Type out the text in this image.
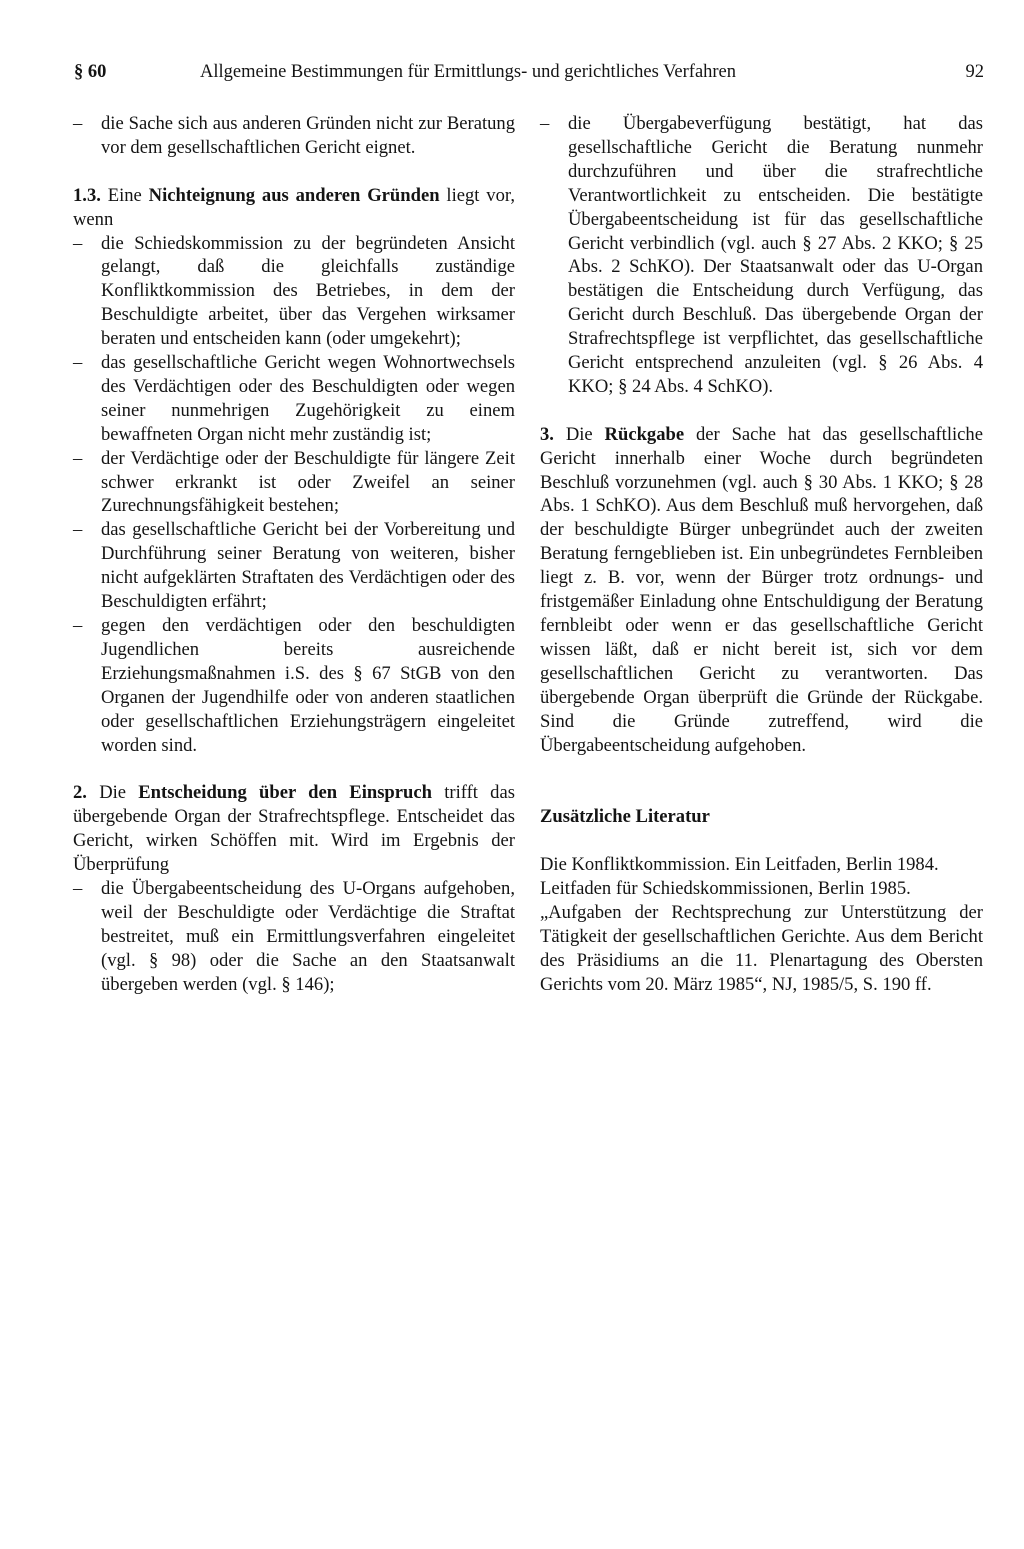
§ 60	Allgemeine Bestimmungen für Ermittlungs- und gerichtliches Verfahren	92
– die Sache sich aus anderen Gründen nicht zur Beratung vor dem gesellschaftlichen Gericht eignet.

1.3. Eine Nichteignung aus anderen Gründen liegt vor, wenn

– die Schiedskommission zu der begründeten Ansicht gelangt, daß die gleichfalls zuständige Konfliktkommission des Betriebes, in dem der Beschuldigte arbeitet, über das Vergehen wirksamer beraten und entscheiden kann (oder umgekehrt);
– das gesellschaftliche Gericht wegen Wohnortwechsels des Verdächtigen oder des Beschuldigten oder wegen seiner nunmehrigen Zugehörigkeit zu einem bewaffneten Organ nicht mehr zuständig ist;
– der Verdächtige oder der Beschuldigte für längere Zeit schwer erkrankt ist oder Zweifel an seiner Zurechnungsfähigkeit bestehen;
– das gesellschaftliche Gericht bei der Vorbereitung und Durchführung seiner Beratung von weiteren, bisher nicht aufgeklärten Straftaten des Verdächtigen oder des Beschuldigten erfährt;
– gegen den verdächtigen oder den beschuldigten Jugendlichen bereits ausreichende Erziehungsmaßnahmen i.S. des § 67 StGB von den Organen der Jugendhilfe oder von anderen staatlichen oder gesellschaftlichen Erziehungsträgern eingeleitet worden sind.

2. Die Entscheidung über den Einspruch trifft das übergebende Organ der Strafrechtspflege. Entscheidet das Gericht, wirken Schöffen mit. Wird im Ergebnis der Überprüfung

– die Übergabeentscheidung des U-Organs aufgehoben, weil der Beschuldigte oder Verdächtige die Straftat bestreitet, muß ein Ermittlungsverfahren eingeleitet (vgl. § 98) oder die Sache an den Staatsanwalt übergeben werden (vgl. § 146);
– die Übergabeverfügung bestätigt, hat das gesellschaftliche Gericht die Beratung nunmehr durchzuführen und über die strafrechtliche Verantwortlichkeit zu entscheiden. Die bestätigte Übergabeentscheidung ist für das gesellschaftliche Gericht verbindlich (vgl. auch § 27 Abs. 2 KKO; § 25 Abs. 2 SchKO). Der Staatsanwalt oder das U-Organ bestätigen die Entscheidung durch Verfügung, das Gericht durch Beschluß. Das übergebende Organ der Strafrechtspflege ist verpflichtet, das gesellschaftliche Gericht entsprechend anzuleiten (vgl. § 26 Abs. 4 KKO; § 24 Abs. 4 SchKO).

3. Die Rückgabe der Sache hat das gesellschaftliche Gericht innerhalb einer Woche durch begründeten Beschluß vorzunehmen (vgl. auch § 30 Abs. 1 KKO; § 28 Abs. 1 SchKO). Aus dem Beschluß muß hervorgehen, daß der beschuldigte Bürger unbegründet auch der zweiten Beratung ferngeblieben ist. Ein unbegründetes Fernbleiben liegt z. B. vor, wenn der Bürger trotz ordnungs- und fristgemäßer Einladung ohne Entschuldigung der Beratung fernbleibt oder wenn er das gesellschaftliche Gericht wissen läßt, daß er nicht bereit ist, sich vor dem gesellschaftlichen Gericht zu verantworten. Das übergebende Organ überprüft die Gründe der Rückgabe. Sind die Gründe zutreffend, wird die Übergabeentscheidung aufgehoben.

Zusätzliche Literatur

Die Konfliktkommission. Ein Leitfaden, Berlin 1984.

Leitfaden für Schiedskommissionen, Berlin 1985.

„Aufgaben der Rechtsprechung zur Unterstützung der Tätigkeit der gesellschaftlichen Gerichte. Aus dem Bericht des Präsidiums an die 11. Plenartagung des Obersten Gerichts vom 20. März 1985“, NJ, 1985/5, S. 190 ff.
